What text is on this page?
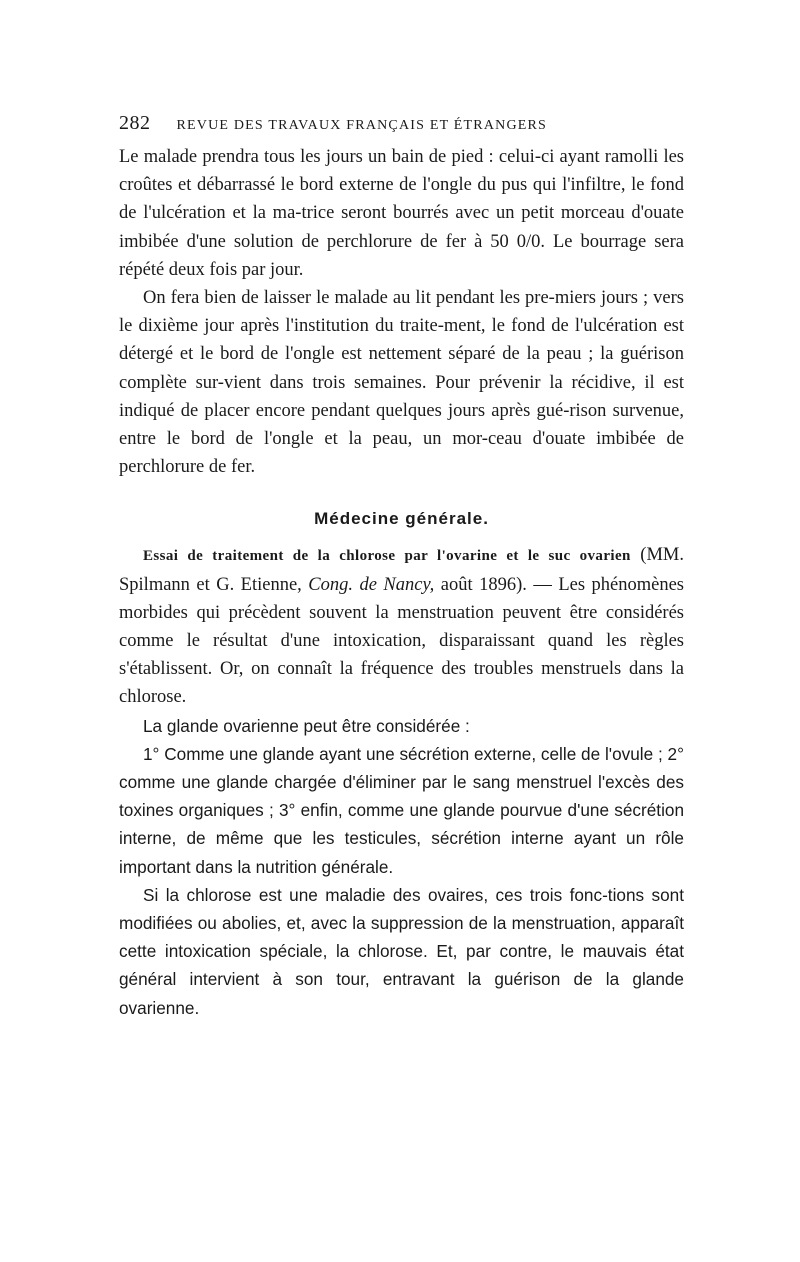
282 REVUE DES TRAVAUX FRANÇAIS ET ÉTRANGERS

Le malade prendra tous les jours un bain de pied : celui-ci ayant ramolli les croûtes et débarrassé le bord externe de l'ongle du pus qui l'infiltre, le fond de l'ulcération et la ma-trice seront bourrés avec un petit morceau d'ouate imbibée d'une solution de perchlorure de fer à 50 0/0. Le bourrage sera répété deux fois par jour.

On fera bien de laisser le malade au lit pendant les pre-miers jours ; vers le dixième jour après l'institution du traite-ment, le fond de l'ulcération est détergé et le bord de l'ongle est nettement séparé de la peau ; la guérison complète sur-vient dans trois semaines. Pour prévenir la récidive, il est indiqué de placer encore pendant quelques jours après gué-rison survenue, entre le bord de l'ongle et la peau, un mor-ceau d'ouate imbibée de perchlorure de fer.

Médecine générale.

Essai de traitement de la chlorose par l'ovarine et le suc ovarien (MM. Spilmann et G. Etienne, Cong. de Nancy, août 1896). — Les phénomènes morbides qui précèdent souvent la menstruation peuvent être considérés comme le résultat d'une intoxication, disparaissant quand les règles s'établissent. Or, on connaît la fréquence des troubles menstruels dans la chlorose.

La glande ovarienne peut être considérée :

1° Comme une glande ayant une sécrétion externe, celle de l'ovule ; 2° comme une glande chargée d'éliminer par le sang menstruel l'excès des toxines organiques ; 3° enfin, comme une glande pourvue d'une sécrétion interne, de même que les testicules, sécrétion interne ayant un rôle important dans la nutrition générale.

Si la chlorose est une maladie des ovaires, ces trois fonc-tions sont modifiées ou abolies, et, avec la suppression de la menstruation, apparaît cette intoxication spéciale, la chlorose. Et, par contre, le mauvais état général intervient à son tour, entravant la guérison de la glande ovarienne.
